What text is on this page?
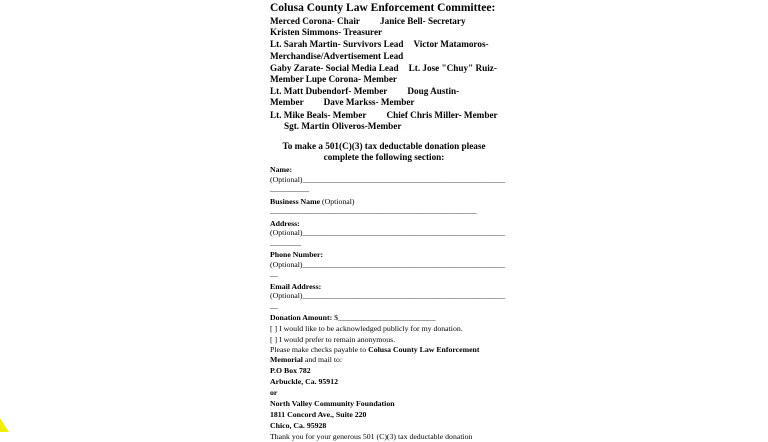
Colusa County Law Enforcement Committee:
Merced Corona- Chair Janice Bell- Secretary
Kristen Simmons- Treasurer
Lt. Sarah Martin- Survivors Lead Victor Matamoros-
Merchandise/Advertisement Lead
Gaby Zarate- Social Media Lead Lt. Jose "Chuy" Ruiz-
Member Lupe Corona- Member
Lt. Matt Dubendorf- Member Doug Austin-
Member Dave Markss- Member
Lt. Mike Beals- Member Chief Chris Miller- Member
Sgt. Martin Oliveros-Member
To make a 501(C)(3) tax deductable donation please
complete the following section:
Name:
(Optional)____________________________________________________
__________
Business Name (Optional)
_____________________________________________________
Address:
(Optional)____________________________________________________
________
Phone Number:
(Optional)____________________________________________________
__
Email Address:
(Optional)____________________________________________________
__
Donation Amount: $_________________________
[ ] I would like to be acknowledged publicly for my donation.
[ ] I would prefer to remain anonymous.
Please make checks payable to Colusa County Law Enforcement
Memorial and mail to:
P.O Box 782
Arbuckle, Ca. 95912
or
North Valley Community Foundation
1811 Concord Ave., Suite 220
Chico, Ca. 95928
Thank you for your generous 501 (C)(3) tax deductable donation
